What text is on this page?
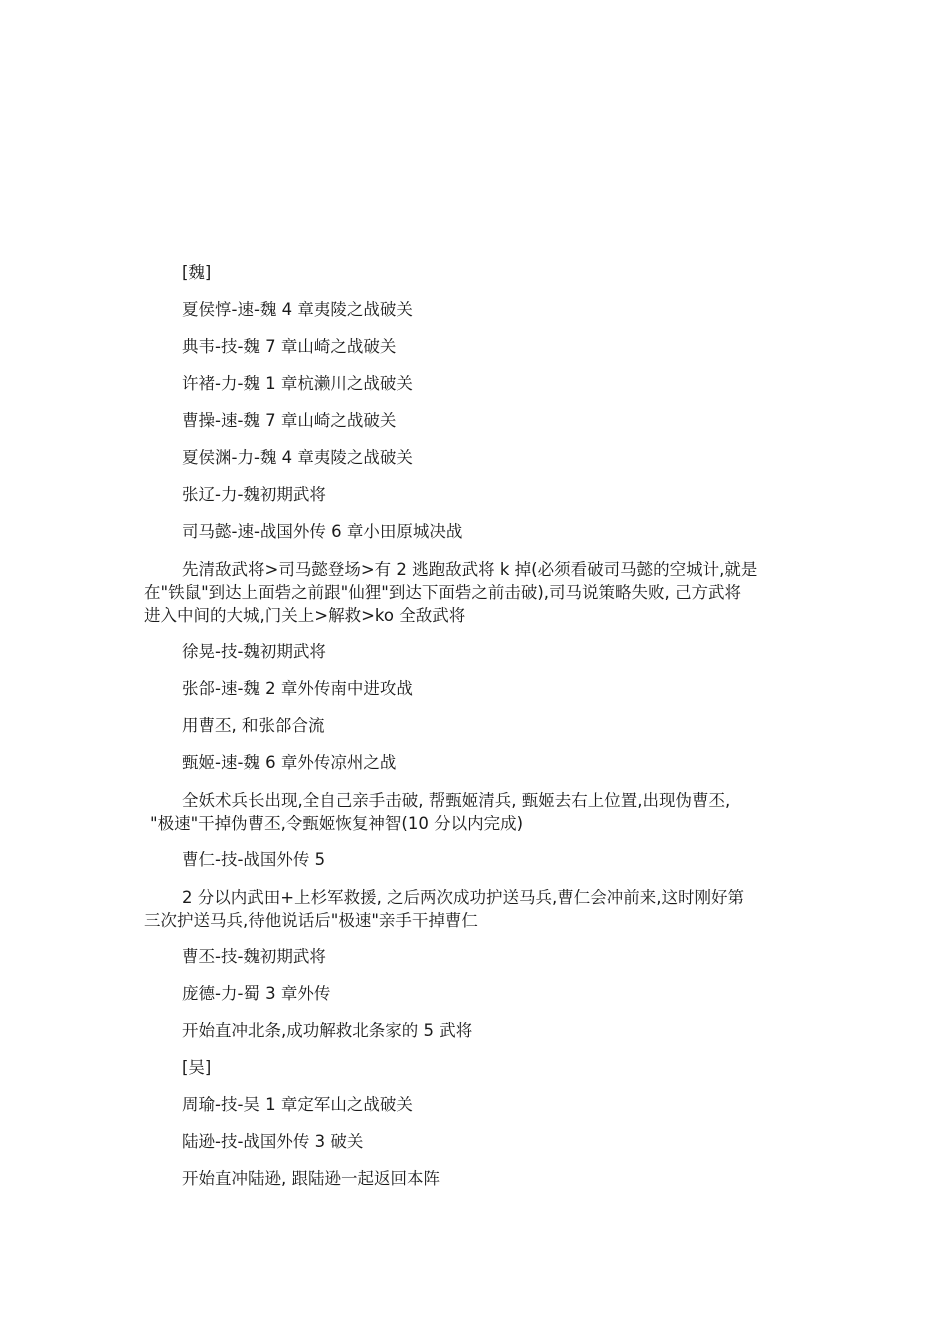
[魏]

夏侯惇-速-魏 4 章夷陵之战破关

典韦-技-魏 7 章山崎之战破关

许褚-力-魏 1 章杭濑川之战破关

曹操-速-魏 7 章山崎之战破关

夏侯渊-力-魏 4 章夷陵之战破关

张辽-力-魏初期武将

司马懿-速-战国外传 6 章小田原城决战

先清敌武将>司马懿登场>有 2 逃跑敌武将 k 掉(必须看破司马懿的空城计,就是
在"铁鼠"到达上面砦之前跟"仙狸"到达下面砦之前击破),司马说策略失败, 己方武将
进入中间的大城,门关上>解救>ko 全敌武将

徐晃-技-魏初期武将

张郃-速-魏 2 章外传南中进攻战

用曹丕, 和张郃合流

甄姬-速-魏 6 章外传凉州之战

全妖术兵长出现,全自己亲手击破, 帮甄姬清兵, 甄姬去右上位置,出现伪曹丕,
"极速"干掉伪曹丕,令甄姬恢复神智(10 分以内完成)

曹仁-技-战国外传 5

2 分以内武田+上杉军救援, 之后两次成功护送马兵,曹仁会冲前来,这时刚好第
三次护送马兵,待他说话后"极速"亲手干掉曹仁

曹丕-技-魏初期武将

庞德-力-蜀 3 章外传

开始直冲北条,成功解救北条家的 5 武将

[吴]

周瑜-技-吴 1 章定军山之战破关

陆逊-技-战国外传 3 破关

开始直冲陆逊, 跟陆逊一起返回本阵
